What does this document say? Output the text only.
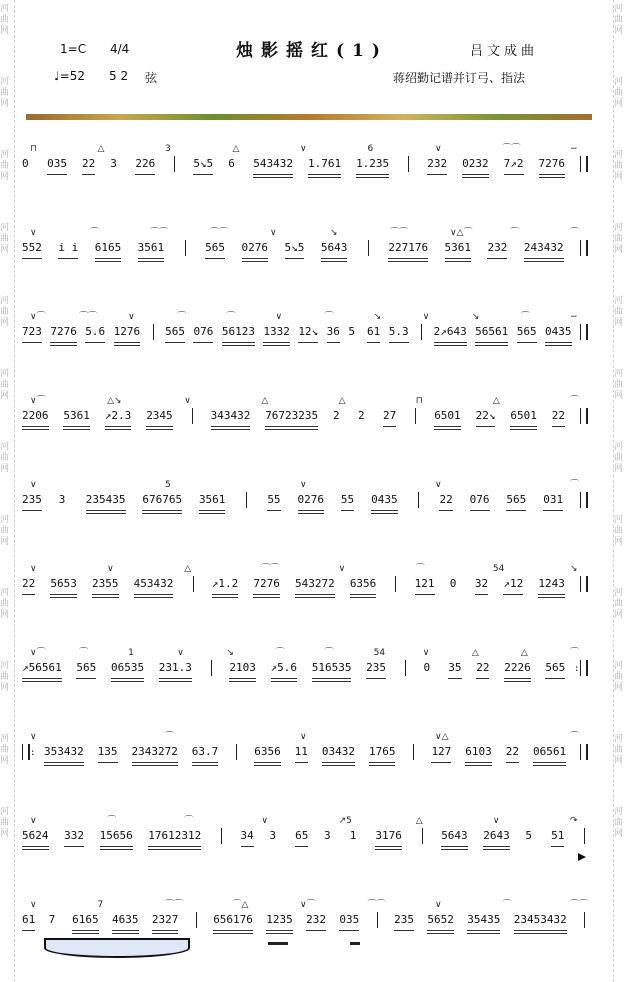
河曲网
河曲网
河曲网
河曲网
河曲网
河曲网
河曲网
河曲网
河曲网
河曲网
河曲网
河曲网
河曲网
河曲网
河曲网
河曲网
河曲网
河曲网
河曲网
河曲网
河曲网
河曲网
河曲网
河曲网
1=C 4/4	烛影摇红(1)	吕文成曲
♩=52 5 2 弦	蒋绍勤记谱并订弓、指法
0 035 22 3 226	5↘5 6 543432 1.761 1.235	232 0232 7↗2 7276
⊓	△	3	△	∨	6	∨	⌒⌒	−
552 i i 6165 3561	565 0276 5↘5 5643	227176 5361 232 243432
∨	⌒	⌒⌒	⌒⌒	∨	↘	⌒⌒	∨△⌒	⌒	⌒
723 7276 5.6 1276 565 076 56123 1332 12↘ 36 5 61 5.3 2↗643 56561 565 0435
∨⌒	⌒⌒	∨	⌒	⌒	∨	⌒	↘	∨	↘	⌒	−
2206 5361 ↗2.3 2345	343432 76723235 2 2 27	6501 22↘ 6501 22
∨⌒	△↘	∨	△	△	⊓	△	⌒
235 3 235435 676765 3561	55 0276 55 0435	22 076 565 031
∨	5	∨	∨	⌒
22 5653 2355 453432	↗1.2 7276 543272 6356	121 0 32 ↗12 1243
∨	∨	△	⌒⌒	∨	⌒	54	↘
↗56561 565 06535 231.3	2103 ↗5.6 516535 235	0 35 22 2226 565 :
∨⌒	⌒	1	∨	↘	⌒	⌒	54	∨	△	△	⌒
: 353432 135 2343272 63.7	6356 11 03432 1765	127 6103 22 06561
∨	⌒	∨	∨△	⌒
5624 332 15656 17612312	34 3 65 3 1 3176	5643 2643 5 51
∨	⌒	⌒	∨	↗5	△	∨	↷
61 7 6165 4635 2327	656176 1235 232 035	235 5652 35435 23453432
∨	7	⌒⌒	⌒△	∨⌒	⌒⌒	∨	⌒	⌒⌒
